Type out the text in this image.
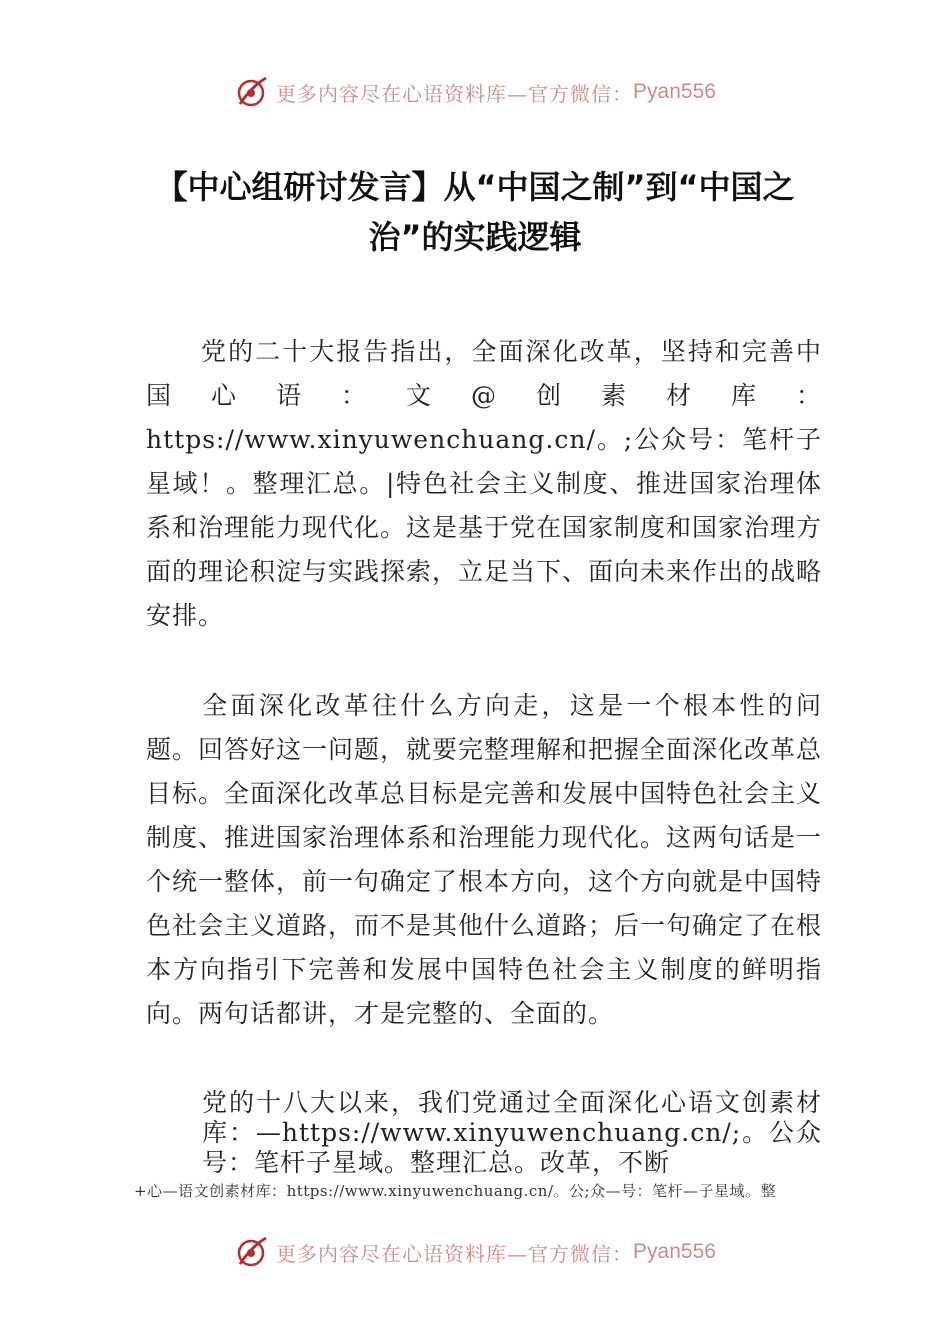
更多内容尽在心语资料库—官方微信： Pyan556
【中心组研讨发言】从“中国之制”到“中国之治”的实践逻辑
党的二十大报告指出，全面深化改革，坚持和完善中国心语：文@创素材库：https://www.xinyuwenchuang.cn/。;公众号：笔杆子星域！。整理汇总。|特色社会主义制度、推进国家治理体系和治理能力现代化。这是基于党在国家制度和国家治理方面的理论积淀与实践探索，立足当下、面向未来作出的战略安排。
全面深化改革往什么方向走，这是一个根本性的问题。回答好这一问题，就要完整理解和把握全面深化改革总目标。全面深化改革总目标是完善和发展中国特色社会主义制度、推进国家治理体系和治理能力现代化。这两句话是一个统一整体，前一句确定了根本方向，这个方向就是中国特色社会主义道路，而不是其他什么道路；后一句确定了在根本方向指引下完善和发展中国特色社会主义制度的鲜明指向。两句话都讲，才是完整的、全面的。
党的十八大以来，我们党通过全面深化心语文创素材库：—https://www.xinyuwenchuang.cn/;。公众号：笔杆子星域。整理汇总。改革，不断
+心—语文创素材库：https://www.xinyuwenchuang.cn/。公;众—号：笔杆—子星域。整
更多内容尽在心语资料库—官方微信： Pyan556
